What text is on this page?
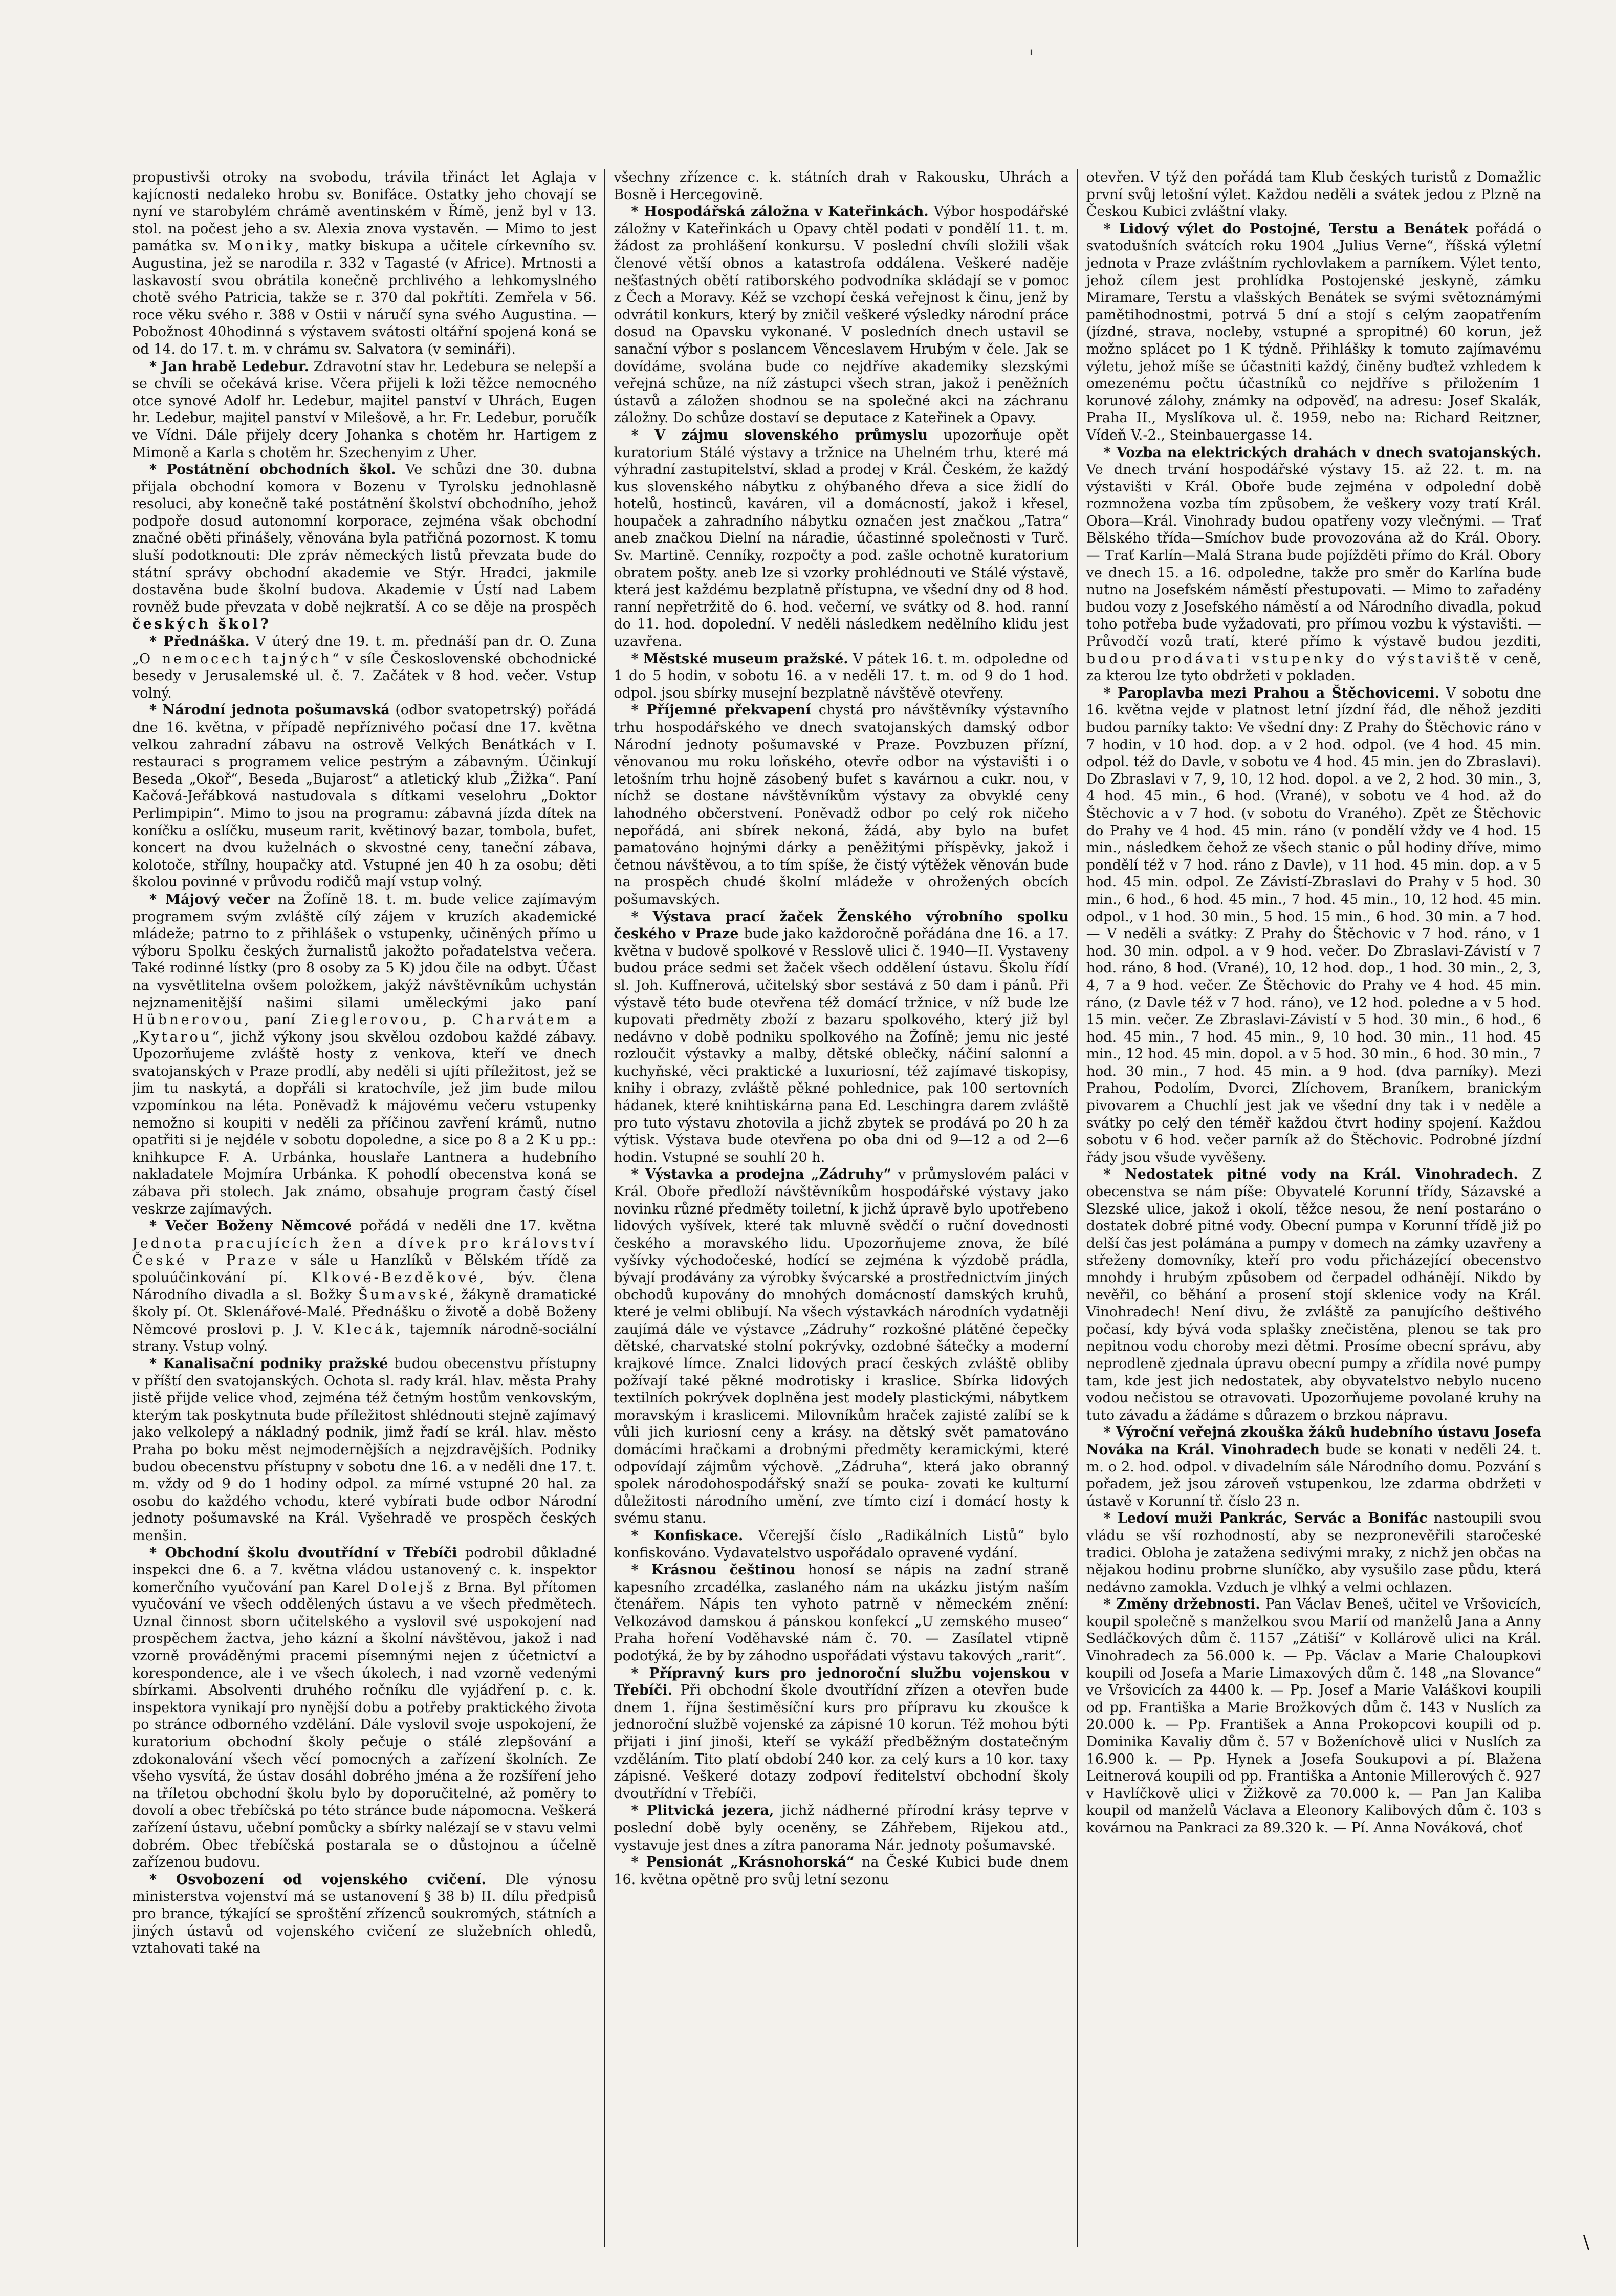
'

propustivši otroky na svobodu, trávila třináct let Aglaja v kajícnosti nedaleko hrobu sv. Bonifáce. Ostatky jeho chovají se nyní ve starobylém chrámě aventinském v Římě, jenž byl v 13. stol. na počest jeho a sv. Alexia znova vystavěn. — Mimo to jest památka sv. Moniky, matky biskupa a učitele církevního sv. Augustina, jež se narodila r. 332 v Tagasté (v Africe). Mrtnosti a laskavostí svou obrátila konečně prchlivého a lehkomyslného chotě svého Patricia, takže se r. 370 dal pokřtíti. Zemřela v 56. roce věku svého r. 388 v Ostii v náručí syna svého Augustina. — Pobožnost 40hodinná s výstavem svátosti oltářní spojená koná se od 14. do 17. t. m. v chrámu sv. Salvatora (v semináři).

* Jan hrabě Ledebur. Zdravotní stav hr. Ledebura se nelepší a se chvíli se očekává krise. Včera přijeli k loži těžce nemocného otce synové Adolf hr. Ledebur, majitel panství v Uhrách, Eugen hr. Ledebur, majitel panství v Milešově, a hr. Fr. Ledebur, poručík ve Vídni. Dále přijely dcery Johanka s chotěm hr. Hartigem z Mimoně a Karla s chotěm hr. Szechenyim z Uher.

* Postátnění obchodních škol. Ve schůzi dne 30. dubna přijala obchodní komora v Bozenu v Tyrolsku jednohlasně resoluci, aby konečně také postátnění školství obchodního, jehož podpoře dosud autonomní korporace, zejména však obchodní značné oběti přinášely, věnována byla patřičná pozornost. K tomu sluší podotknouti: Dle zpráv německých listů převzata bude do státní správy obchodní akademie ve Stýr. Hradci, jakmile dostavěna bude školní budova. Akademie v Ústí nad Labem rovněž bude převzata v době nejkratší. A co se děje na prospěch českých škol?

* Přednáška. V úterý dne 19. t. m. přednáší pan dr. O. Zuna „O nemocech tajných“ v síle Československé obchodnické besedy v Jerusalemské ul. č. 7. Začátek v 8 hod. večer. Vstup volný.

* Národní jednota pošumavská (odbor svatopetrský) pořádá dne 16. května, v případě nepříznivého počasí dne 17. května velkou zahradní zábavu na ostrově Velkých Benátkách v I. restauraci s programem velice pestrým a zábavným. Účinkují Beseda „Okoř“, Beseda „Bujarost“ a atletický klub „Žižka“. Paní Kačová-Jeřábková nastudovala s dítkami veselohru „Doktor Perlimpipin“. Mimo to jsou na programu: zábavná jízda dítek na koníčku a oslíčku, museum rarit, květinový bazar, tombola, bufet, koncert na dvou kuželnách o skvostné ceny, taneční zábava, kolotoče, střílny, houpačky atd. Vstupné jen 40 h za osobu; děti školou povinné v průvodu rodičů mají vstup volný.

* Májový večer na Žofíně 18. t. m. bude velice zajímavým programem svým zvláště cílý zájem v kruzích akademické mládeže; patrno to z přihlášek o vstupenky, učiněných přímo u výboru Spolku českých žurnalistů jakožto pořadatelstva večera. Také rodinné lístky (pro 8 osoby za 5 K) jdou čile na odbyt. Účast na vysvětlitelna ovšem položkem, jakýž návštěvníkům uchystán nejznamenitější našimi silami uměleckými jako paní Hübnerovou, paní Zieglerovou, p. Charvátem a „Kytarou“, jichž výkony jsou skvělou ozdobou každé zábavy. Upozorňujeme zvláště hosty z venkova, kteří ve dnech svatojanských v Praze prodlí, aby neděli si ujíti příležitost, jež se jim tu naskytá, a dopřáli si kratochvíle, jež jim bude milou vzpomínkou na léta. Poněvadž k májovému večeru vstupenky nemožno si koupiti v neděli za příčinou zavření krámů, nutno opatřiti si je nejdéle v sobotu dopoledne, a sice po 8 a 2 K u pp.: knihkupce F. A. Urbánka, houslaře Lantnera a hudebního nakladatele Mojmíra Urbánka. K pohodlí obecenstva koná se zábava při stolech. Jak známo, obsahuje program častý čísel veskrze zajímavých.

* Večer Boženy Němcové pořádá v neděli dne 17. května Jednota pracujících žen a dívek pro království České v Praze v sále u Hanzlíků v Bělském třídě za spoluúčinkování pí. Klkové-Bezděkové, býv. člena Národního divadla a sl. Božky Šumavské, žákyně dramatické školy pí. Ot. Sklenářové-Malé. Přednášku o životě a době Boženy Němcové proslovi p. J. V. Klecák, tajemník národně-sociální strany. Vstup volný.

* Kanalisační podniky pražské budou obecenstvu přístupny v příští den svatojanských. Ochota sl. rady král. hlav. města Prahy jistě přijde velice vhod, zejména též četným hostům venkovským, kterým tak poskytnuta bude příležitost shlédnouti stejně zajímavý jako velkolepý a nákladný podnik, jimž řadí se král. hlav. město Praha po boku měst nejmodernějších a nejzdravějších. Podniky budou obecenstvu přístupny v sobotu dne 16. a v neděli dne 17. t. m. vždy od 9 do 1 hodiny odpol. za mírné vstupné 20 hal. za osobu do každého vchodu, které vybírati bude odbor Národní jednoty pošumavské na Král. Vyšehradě ve prospěch českých menšin.

* Obchodní školu dvoutřídní v Třebíči podrobil důkladné inspekci dne 6. a 7. května vládou ustanovený c. k. inspektor komerčního vyučování pan Karel Dolejš z Brna. Byl přítomen vyučování ve všech oddělených ústavu a ve všech předmětech. Uznal činnost sborn učitelského a vyslovil své uspokojení nad prospěchem žactva, jeho kázní a školní návštěvou, jakož i nad vzorně prováděnými pracemi písemnými nejen z účetnictví a korespondence, ale i ve všech úkolech, i nad vzorně vedenými sbírkami. Absolventi druhého ročníku dle vyjádření p. c. k. inspektora vynikají pro nynější dobu a potřeby praktického života po stránce odborného vzdělání. Dále vyslovil svoje uspokojení, že kuratorium obchodní školy pečuje o stálé zlepšování a zdokonalování všech věcí pomocných a zařízení školních. Ze všeho vysvítá, že ústav dosáhl dobrého jména a že rozšíření jeho na tříletou obchodní školu bylo by doporučitelné, až poměry to dovolí a obec třebíčská po této stránce bude nápomocna. Veškerá zařízení ústavu, učební pomůcky a sbírky nalézají se v stavu velmi dobrém. Obec třebíčská postarala se o důstojnou a účelně zařízenou budovu.

* Osvobození od vojenského cvičení. Dle výnosu ministerstva vojenství má se ustanovení § 38 b) II. dílu předpisů pro brance, týkající se sproštění zřízenců soukromých, státních a jiných ústavů od vojenského cvičení ze služebních ohledů, vztahovati také na

všechny zřízence c. k. státních drah v Rakousku, Uhrách a Bosně i Hercegovině.

* Hospodářská záložna v Kateřinkách. Výbor hospodářské záložny v Kateřinkách u Opavy chtěl podati v pondělí 11. t. m. žádost za prohlášení konkursu. V poslední chvíli složili však členové větší obnos a katastrofa oddálena. Veškeré naděje nešťastných obětí ratiborského podvodníka skládají se v pomoc z Čech a Moravy. Kéž se vzchopí česká veřejnost k činu, jenž by odvrátil konkurs, který by zničil veškeré výsledky národní práce dosud na Opavsku vykonané. V posledních dnech ustavil se sanační výbor s poslancem Věnceslavem Hrubým v čele. Jak se dovídáme, svolána bude co nejdříve akademiky slezskými veřejná schůze, na níž zástupci všech stran, jakož i peněžních ústavů a záložen shodnou se na společné akci na záchranu záložny. Do schůze dostaví se deputace z Kateřinek a Opavy.

* V zájmu slovenského průmyslu upozorňuje opět kuratorium Stálé výstavy a tržnice na Uhelném trhu, které má výhradní zastupitelství, sklad a prodej v Král. Českém, že každý kus slovenského nábytku z ohýbaného dřeva a sice židlí do hotelů, hostinců, kaváren, vil a domácností, jakož i křesel, houpaček a zahradního nábytku označen jest značkou „Tatra“ aneb značkou Dielní na náradie, účastinné společnosti v Turč. Sv. Martině. Cenníky, rozpočty a pod. zašle ochotně kuratorium obratem pošty. aneb lze si vzorky prohlédnouti ve Stálé výstavě, která jest každému bezplatně přístupna, ve všední dny od 8 hod. ranní nepřetržitě do 6. hod. večerní, ve svátky od 8. hod. ranní do 11. hod. dopolední. V neděli následkem nedělního klidu jest uzavřena.

* Městské museum pražské. V pátek 16. t. m. odpoledne od 1 do 5 hodin, v sobotu 16. a v neděli 17. t. m. od 9 do 1 hod. odpol. jsou sbírky musejní bezplatně návštěvě otevřeny.

* Příjemné překvapení chystá pro návštěvníky výstavního trhu hospodářského ve dnech svatojanských damský odbor Národní jednoty pošumavské v Praze. Povzbuzen přízní, věnovanou mu roku loňského, otevře odbor na výstavišti i o letošním trhu hojně zásobený bufet s kavárnou a cukr. nou, v níchž se dostane návštěvníkům výstavy za obvyklé ceny lahodného občerstvení. Poněvadž odbor po celý rok ničeho nepořádá, ani sbírek nekoná, žádá, aby bylo na bufet pamatováno hojnými dárky a peněžitými příspěvky, jakož i četnou návštěvou, a to tím spíše, že čistý výtěžek věnován bude na prospěch chudé školní mládeže v ohrožených obcích pošumavských.

* Výstava prací žaček Ženského výrobního spolku českého v Praze bude jako každoročně pořádána dne 16. a 17. května v budově spolkové v Resslově ulici č. 1940—II. Vystaveny budou práce sedmi set žaček všech oddělení ústavu. Školu řídí sl. Joh. Kuffnerová, učitelský sbor sestává z 50 dam i pánů. Při výstavě této bude otevřena též domácí tržnice, v níž bude lze kupovati předměty zboží z bazaru spolkového, který již byl nedávno v době podniku spolkového na Žofíně; jemu nic jesté rozloučit výstavky a malby, dětské oblečky, náčiní salonní a kuchyňské, věci praktické a luxuriosní, též zajímavé tiskopisy, knihy i obrazy, zvláště pěkné pohlednice, pak 100 sertovních hádanek, které knihtiskárna pana Ed. Leschingra darem zvláště pro tuto výstavu zhotovila a jichž zbytek se prodává po 20 h za výtisk. Výstava bude otevřena po oba dni od 9—12 a od 2—6 hodin. Vstupné se souhlí 20 h.

* Výstavka a prodejna „Zádruhy“ v průmyslovém paláci v Král. Oboře předloží návštěvníkům hospodářské výstavy jako novinku různé předměty toiletní, k jichž úpravě bylo upotřebeno lidových vyšívek, které tak mluvně svědčí o ruční dovednosti českého a moravského lidu. Upozorňujeme znova, že bílé vyšívky východočeské, hodící se zejména k výzdobě prádla, bývají prodávány za výrobky švýcarské a prostřednictvím jiných obchodů kupovány do mnohých domácností damských kruhů, které je velmi oblibují. Na všech výstavkách národních vydatněji zaujímá dále ve výstavce „Zádruhy“ rozkošné plátěné čepečky dětské, charvatské stolní pokrývky, ozdobné šátečky a moderní krajkové límce. Znalci lidových prací českých zvláště obliby požívají také pěkné modrotisky i kraslice. Sbírka lidových textilních pokrývek doplněna jest modely plastickými, nábytkem moravským i kraslicemi. Milovníkům hraček zajisté zalíbí se k vůli jich kuriosní ceny a krásy. na dětský svět pamatováno domácími hračkami a drobnými předměty keramickými, které odpovídají zájmům výchově. „Zádruha“, která jako obranný spolek národohospodářský snaží se pouka- zovati ke kulturní důležitosti národního umění, zve tímto cizí i domácí hosty k svému stanu.

* Konfiskace. Včerejší číslo „Radikálních Listů“ bylo konfiskováno. Vydavatelstvo uspořádalo opravené vydání.

* Krásnou češtinou honosí se nápis na zadní straně kapesního zrcadélka, zaslaného nám na ukázku jistým naším čtenářem. Nápis ten vyhoto patrně v německém znění: Velkozávod damskou á pánskou konfekcí „U zemského museo“ Praha hoření Voděhavské nám č. 70. — Zasílatel vtipně podotýká, že by by záhodno uspořádati výstavu takových „rarit“.

* Přípravný kurs pro jednoroční službu vojenskou v Třebíči. Při obchodní škole dvoutřídní zřízen a otevřen bude dnem 1. října šestiměsíční kurs pro přípravu ku zkoušce k jednoroční službě vojenské za zápisné 10 korun. Též mohou býti přijati i jiní jinoši, kteří se vykáží předběžným dostatečným vzděláním. Tito platí období 240 kor. za celý kurs a 10 kor. taxy zápisné. Veškeré dotazy zodpoví ředitelství obchodní školy dvoutřídní v Třebíči.

* Plitvická jezera, jichž nádherné přírodní krásy teprve v poslední době byly oceněny, se Záhřebem, Rijekou atd., vystavuje jest dnes a zítra panorama Nár. jednoty pošumavské.

* Pensionát „Krásnohorská“ na České Kubici bude dnem 16. května opětně pro svůj letní sezonu

otevřen. V týž den pořádá tam Klub českých turistů z Domažlic první svůj letošní výlet. Každou neděli a svátek jedou z Plzně na Českou Kubici zvláštní vlaky.

* Lidový výlet do Postojné, Terstu a Benátek pořádá o svatodušních svátcích roku 1904 „Julius Verne“, říšská výletní jednota v Praze zvláštním rychlovlakem a parníkem. Výlet tento, jehož cílem jest prohlídka Postojenské jeskyně, zámku Miramare, Terstu a vlašských Benátek se svými světoznámými pamětihodnostmi, potrvá 5 dní a stojí s celým zaopatřením (jízdné, strava, nocleby, vstupné a spropitné) 60 korun, jež možno splácet po 1 K týdně. Přihlášky k tomuto zajímavému výletu, jehož míše se účastniti každý, činěny buďtež vzhledem k omezenému počtu účastníků co nejdříve s přiložením 1 korunové zálohy, známky na odpověď, na adresu: Josef Skalák, Praha II., Myslíkova ul. č. 1959, nebo na: Richard Reitzner, Vídeň V.-2., Steinbauergasse 14.

* Vozba na elektrických drahách v dnech svatojanských. Ve dnech trvání hospodářské výstavy 15. až 22. t. m. na výstavišti v Král. Oboře bude zejména v odpolední době rozmnožena vozba tím způsobem, že veškery vozy tratí Král. Obora—Král. Vinohrady budou opatřeny vozy vlečnými. — Trať Bělského třída—Smíchov bude provozována až do Král. Obory. — Trať Karlín—Malá Strana bude pojížděti přímo do Král. Obory ve dnech 15. a 16. odpoledne, takže pro směr do Karlína bude nutno na Josefském náměstí přestupovati. — Mimo to zařadény budou vozy z Josefského náměstí a od Národního divadla, pokud toho potřeba bude vyžadovati, pro přímou vozbu k výstavišti. — Průvodčí vozů tratí, které přímo k výstavě budou jezditi, budou prodávati vstupenky do výstaviště v ceně, za kterou lze tyto obdržeti v pokladen.

* Paroplavba mezi Prahou a Štěchovicemi. V sobotu dne 16. května vejde v platnost letní jízdní řád, dle něhož jezditi budou parníky takto: Ve všední dny: Z Prahy do Štěchovic ráno v 7 hodin, v 10 hod. dop. a v 2 hod. odpol. (ve 4 hod. 45 min. odpol. též do Davle, v sobotu ve 4 hod. 45 min. jen do Zbraslavi). Do Zbraslavi v 7, 9, 10, 12 hod. dopol. a ve 2, 2 hod. 30 min., 3, 4 hod. 45 min., 6 hod. (Vrané), v sobotu ve 4 hod. až do Štěchovic a v 7 hod. (v sobotu do Vraného). Zpět ze Štěchovic do Prahy ve 4 hod. 45 min. ráno (v pondělí vždy ve 4 hod. 15 min., následkem čehož ze všech stanic o půl hodiny dříve, mimo pondělí též v 7 hod. ráno z Davle), v 11 hod. 45 min. dop. a v 5 hod. 45 min. odpol. Ze Závistí-Zbraslavi do Prahy v 5 hod. 30 min., 6 hod., 6 hod. 45 min., 7 hod. 45 min., 10, 12 hod. 45 min. odpol., v 1 hod. 30 min., 5 hod. 15 min., 6 hod. 30 min. a 7 hod. — V neděli a svátky: Z Prahy do Štěchovic v 7 hod. ráno, v 1 hod. 30 min. odpol. a v 9 hod. večer. Do Zbraslavi-Závistí v 7 hod. ráno, 8 hod. (Vrané), 10, 12 hod. dop., 1 hod. 30 min., 2, 3, 4, 7 a 9 hod. večer. Ze Štěchovic do Prahy ve 4 hod. 45 min. ráno, (z Davle též v 7 hod. ráno), ve 12 hod. poledne a v 5 hod. 15 min. večer. Ze Zbraslavi-Závistí v 5 hod. 30 min., 6 hod., 6 hod. 45 min., 7 hod. 45 min., 9, 10 hod. 30 min., 11 hod. 45 min., 12 hod. 45 min. dopol. a v 5 hod. 30 min., 6 hod. 30 min., 7 hod. 30 min., 7 hod. 45 min. a 9 hod. (dva parníky). Mezi Prahou, Podolím, Dvorci, Zlíchovem, Braníkem, branickým pivovarem a Chuchlí jest jak ve všední dny tak i v neděle a svátky po celý den téměř každou čtvrt hodiny spojení. Každou sobotu v 6 hod. večer parník až do Štěchovic. Podrobné jízdní řády jsou všude vyvěšeny.

* Nedostatek pitné vody na Král. Vinohradech. Z obecenstva se nám píše: Obyvatelé Korunní třídy, Sázavské a Slezské ulice, jakož i okolí, těžce nesou, že není postaráno o dostatek dobré pitné vody. Obecní pumpa v Korunní třídě již po delší čas jest polámána a pumpy v domech na zámky uzavřeny a střeženy domovníky, kteří pro vodu přicházející obecenstvo mnohdy i hrubým způsobem od čerpadel odhánějí. Nikdo by nevěřil, co běhání a prosení stojí sklenice vody na Král. Vinohradech! Není divu, že zvláště za panujícího deštivého počasí, kdy bývá voda splašky znečistěna, plenou se tak pro nepitnou vodu choroby mezi dětmi. Prosíme obecní správu, aby neprodleně zjednala úpravu obecní pumpy a zřídila nové pumpy tam, kde jest jich nedostatek, aby obyvatelstvo nebylo nuceno vodou nečistou se otravovati. Upozorňujeme povolané kruhy na tuto závadu a žádáme s důrazem o brzkou nápravu.

* Výroční veřejná zkouška žáků hudebního ústavu Josefa Nováka na Král. Vinohradech bude se konati v neděli 24. t. m. o 2. hod. odpol. v divadelním sále Národního domu. Pozvání s pořadem, jež jsou zároveň vstupenkou, lze zdarma obdržeti v ústavě v Korunní tř. číslo 23 n.

* Ledoví muži Pankrác, Servác a Bonifác nastoupili svou vládu se vší rozhodností, aby se nezpronevěřili staročeské tradici. Obloha je zatažena sedivými mraky, z nichž jen občas na nějakou hodinu probrne sluníčko, aby vysušilo zase půdu, která nedávno zamokla. Vzduch je vlhký a velmi ochlazen.

* Změny držebnosti. Pan Václav Beneš, učitel ve Vršovicích, koupil společně s manželkou svou Marií od manželů Jana a Anny Sedláčkových dům č. 1157 „Zátiší“ v Kollárově ulici na Král. Vinohradech za 56.000 k. — Pp. Václav a Marie Chaloupkovi koupili od Josefa a Marie Limaxových dům č. 148 „na Slovance“ ve Vršovicích za 4400 k. — Pp. Josef a Marie Valáškovi koupili od pp. Františka a Marie Brožkových dům č. 143 v Nuslích za 20.000 k. — Pp. František a Anna Prokopcovi koupili od p. Dominika Kavaliy dům č. 57 v Boženíchově ulici v Nuslích za 16.900 k. — Pp. Hynek a Josefa Soukupovi a pí. Blažena Leitnerová koupili od pp. Františka a Antonie Millerových č. 927 v Havlíčkově ulici v Žižkově za 70.000 k. — Pan Jan Kaliba koupil od manželů Václava a Eleonory Kalibových dům č. 103 s kovárnou na Pankraci za 89.320 k. — Pí. Anna Nováková, choť

\
